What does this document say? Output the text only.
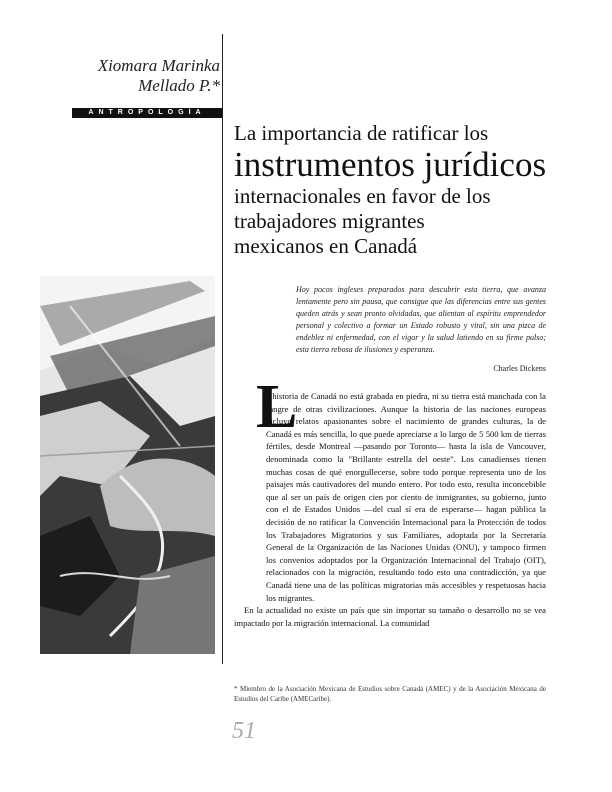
Xiomara Marinka
Mellado P.*
ANTROPOLOGÍA
La importancia de ratificar los
instrumentos jurídicos
internacionales en favor de los
trabajadores migrantes
mexicanos en Canadá
Hoy pocos ingleses preparados para descubrir esta tierra, que avanza lentamente pero sin pausa, que consigue que las diferencias entre sus gentes queden atrás y sean pronto olvidadas, que alientan al espíritu emprendedor personal y colectivo a formar un Estado robusto y vital, sin una pizca de endeblez ni enfermedad, con el vigor y la salud latiendo en su firme pulso; esta tierra rebosa de ilusiones y esperanza.
Charles Dickens
L

a historia de Canadá no está grabada en piedra, ni su tierra está manchada con la sangre de otras civilizaciones. Aunque la historia de las naciones europeas incluye relatos apasionantes sobre el nacimiento de grandes culturas, la de Canadá es más sencilla, lo que puede apreciarse a lo largo de 5 500 km de tierras fértiles, desde Montreal —pasando por Toronto— hasta la isla de Vancouver, denominada como la "Brillante estrella del oeste". Los canadienses tienen muchas cosas de qué enorgullecerse, sobre todo porque representa uno de los paisajes más cautivadores del mundo entero. Por todo esto, resulta inconcebible que al ser un país de origen cien por ciento de inmigrantes, su gobierno, junto con el de Estados Unidos —del cual sí era de esperarse— hagan pública la decisión de no ratificar la Convención Internacional para la Protección de todos los Trabajadores Migratorios y sus Familiares, adoptada por la Secretaría General de la Organización de las Naciones Unidas (ONU), y tampoco firmen los convenios adoptados por la Organización Internacional del Trabajo (OIT), relacionados con la migración, resultando todo esto una contradicción, ya que Canadá tiene una de las políticas migratorias más accesibles y respetuosas hacia los migrantes.

En la actualidad no existe un país que sin importar su tamaño o desarrollo no se vea impactado por la migración internacional. La comunidad

* Miembro de la Asociación Mexicana de Estudios sobre Canadá (AMEC) y de la Asociación Mexicana de Estudios del Caribe (AMECaribe).
51
